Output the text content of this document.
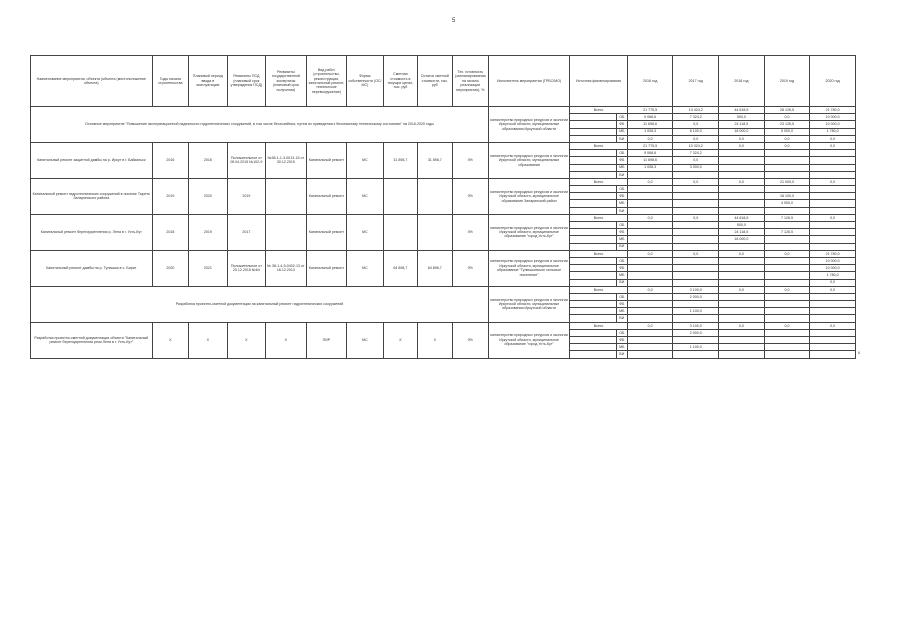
5
Наименование мероприятия, объекта (объекта (местоположение объекта)	Годы начала строительства	Плановый период ввода в эксплуатацию	Реквизиты ПСД (плановый срок утверждения ПСД)	Реквизиты государственной экспертизы (плановый срок получения)	Вид работ (строительство, реконструкция, капитальный ремонт, техническое перевооружение)	Форма собственности (ОС/МС)	Сметная стоимость в текущих ценах, тыс. руб	Остаток сметной стоимости, тыс. руб	Тех. готовность (запланированная на начало реализации мероприятия), %	Исполнитель мероприятия (ГРБС/МО)	Источник финансирования		2016 год	2017 год	2018 год	2019 год	2020 год
Основное мероприятие "Повышение эксплуатационной надежности гидротехнических сооружений, в том числе бесхозяйных, путем их приведения к безопасному техническому состоянию" на 2016-2020 годы										министерство природных ресурсов и экологии Иркутской области, муниципальные образования Иркутской области	Всего		21 775,5	13 424,2	44 618,5	28 126,5	21 780,0
												ОБ	9 068,6	7 324,2	500,0	0,0	10 000,0
												ФБ	11 698,6	0,0	24 118,5	23 126,5	10 000,0
												МБ	1 008,3	6 100,0	18 000,0	5 000,0	1 780,0
												ВИ	0,0	0,0	0,0	0,0	0,0
Капитальный ремонт защитной дамбы на р. Иркут в г. Байкальск	2016	2016	Положительное от 05.04.2015 №102-9	№38-1-1-3-0013-15 от 30.12.2015	Капитальный ремонт	МС	31 898,7	31 898,7	0%	министерство природных ресурсов и экологии Иркутской области, муниципальные образования	Всего		21 775,5	10 324,2	0,0	0,0	0,0
												ОБ	9 068,6	7 324,2			
												ФБ	11 698,6	0,0			
												МБ	1 008,3	3 000,0			
												ВИ					
Капитальный ремонт гидротехнических сооружений в поселке Тыреть Заларинского района	2019	2020	2019		Капитальный ремонт	МС			0%	министерство природных ресурсов и экологии Иркутской области, муниципальное образование Заларинский район	Всего		0,0	0,0	0,0	21 000,0	0,0
												ОБ					
												ФБ				16 100,0	
												МБ				4 900,0	
												ВИ					
Капитальный ремонт берегоукрепления р. Лена в г. Усть-Кут	2018	2019	2017		Капитальный ремонт	МС			0%	министерство природных ресурсов и экологии Иркутской области, муниципальное образование "город Усть-Кут"	Всего		0,0	0,0	44 618,5	7 126,5	0,0
												ОБ			500,0		
												ФБ			24 118,5	7 126,5	
												МБ			18 000,0		
												ВИ					
Капитальный ремонт дамбы на р. Тулюшка в с. Бирит	2020	2021	Положительное от 20.12.2015 №64	№ 38-1-4-5-0402-13 от 16.12.2013	Капитальный ремонт	МС	64 898,7	64 898,7	0%	министерство природных ресурсов и экологии Иркутской области, муниципальное образование "Тулюшкинское сельское поселение"	Всего		0,0	0,0	0,0	0,0	21 780,0
												ОБ					10 000,0
												ФБ					10 000,0
												МБ					1 780,0
												ВИ					0,0
Разработка проектно-сметной документации на капитальный ремонт гидротехнических сооружений										министерство природных ресурсов и экологии Иркутской области, муниципальные образования Иркутской области	Всего		0,0	3 100,0	0,0	0,0	0,0
												ОБ		2 000,0			
												ФБ					
												МБ		1 100,0			
												ВИ					
Разработка проектно-сметной документации объекта "Капитальный ремонт берегоукрепления реки Лена в г. Усть-Кут"	Х	Х	Х	Х	ПИР	МС	Х	Х	0%	министерство природных ресурсов и экологии Иркутской области, муниципальное образование "город Усть-Кут"	Всего		0,0	3 100,0	0,0	0,0	0,0
												ОБ		2 000,0			
												ФБ					
												МБ		1 100,0			
												ВИ						6
